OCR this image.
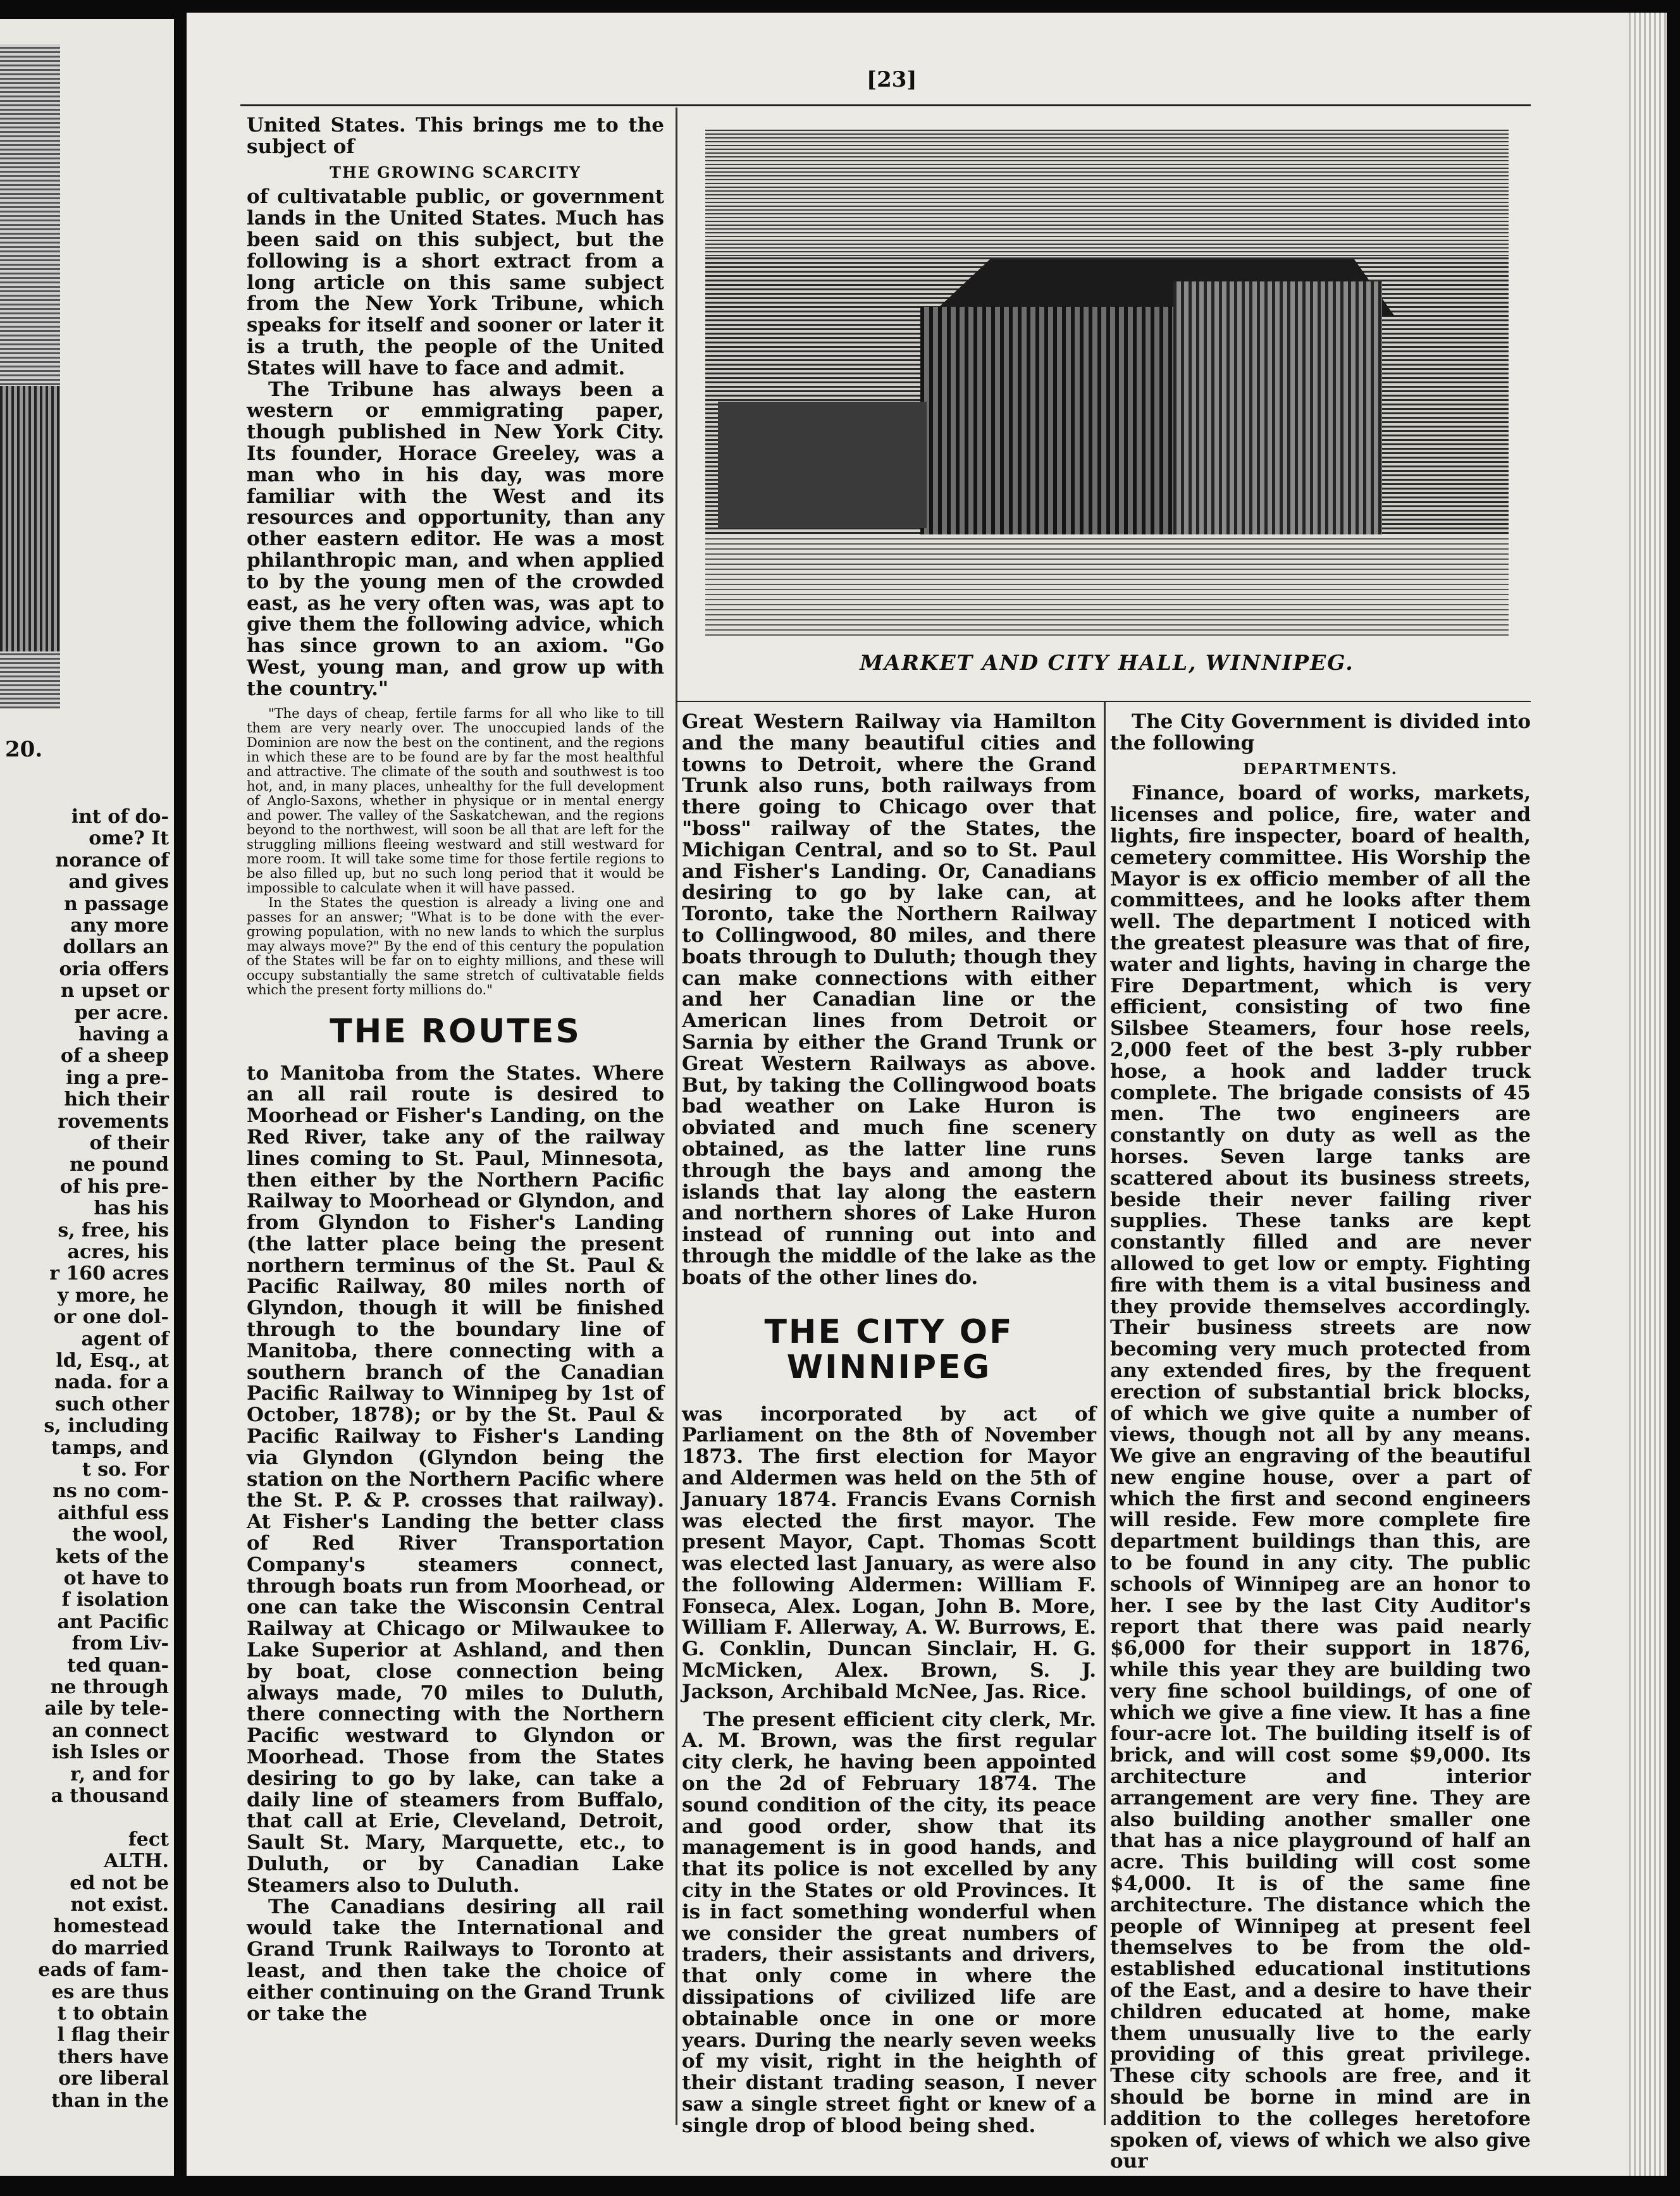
20.
int of do-
ome? It
norance of
and gives
n passage
any more
dollars an
oria offers
n upset or
per acre.
having a
of a sheep
ing a pre-
hich their
rovements
of their
ne pound
of his pre-
has his
s, free, his
acres, his
r 160 acres
y more, he
or one dol-
agent of
ld, Esq., at
nada. for a
such other
s, including
tamps, and
t so. For
ns no com-
aithful ess
the wool,
kets of the
ot have to
f isolation
ant Pacific
from Liv-
ted quan-
ne through
aile by tele-
an connect
ish Isles or
r, and for
a thousand
fect
ALTH.
ed not be
not exist.
homestead
do married
eads of fam-
es are thus
t to obtain
l flag their
thers have
ore liberal
than in the
[23]

United States. This brings me to the subject of

THE GROWING SCARCITY

of cultivatable public, or government lands in the United States. Much has been said on this subject, but the following is a short extract from a long article on this same subject from the New York Tribune, which speaks for itself and sooner or later it is a truth, the people of the United States will have to face and admit.

The Tribune has always been a western or emmigrating paper, though published in New York City. Its founder, Horace Greeley, was a man who in his day, was more familiar with the West and its resources and opportunity, than any other eastern editor. He was a most philanthropic man, and when applied to by the young men of the crowded east, as he very often was, was apt to give them the following advice, which has since grown to an axiom. "Go West, young man, and grow up with the country."

"The days of cheap, fertile farms for all who like to till them are very nearly over. The unoccupied lands of the Dominion are now the best on the continent, and the regions in which these are to be found are by far the most healthful and attractive. The climate of the south and southwest is too hot, and, in many places, unhealthy for the full development of Anglo-Saxons, whether in physique or in mental energy and power. The valley of the Saskatchewan, and the regions beyond to the northwest, will soon be all that are left for the struggling millions fleeing westward and still westward for more room. It will take some time for those fertile regions to be also filled up, but no such long period that it would be impossible to calculate when it will have passed.

In the States the question is already a living one and passes for an answer; "What is to be done with the ever-growing population, with no new lands to which the surplus may always move?" By the end of this century the population of the States will be far on to eighty millions, and these will occupy substantially the same stretch of cultivatable fields which the present forty millions do."

THE ROUTES

to Manitoba from the States. Where an all rail route is desired to Moorhead or Fisher's Landing, on the Red River, take any of the railway lines coming to St. Paul, Minnesota, then either by the Northern Pacific Railway to Moorhead or Glyndon, and from Glyndon to Fisher's Landing (the latter place being the present northern terminus of the St. Paul & Pacific Railway, 80 miles north of Glyndon, though it will be finished through to the boundary line of Manitoba, there connecting with a southern branch of the Canadian Pacific Railway to Winnipeg by 1st of October, 1878); or by the St. Paul & Pacific Railway to Fisher's Landing via Glyndon (Glyndon being the station on the Northern Pacific where the St. P. & P. crosses that railway). At Fisher's Landing the better class of Red River Transportation Company's steamers connect, through boats run from Moorhead, or one can take the Wisconsin Central Railway at Chicago or Milwaukee to Lake Superior at Ashland, and then by boat, close connection being always made, 70 miles to Duluth, there connecting with the Northern Pacific westward to Glyndon or Moorhead. Those from the States desiring to go by lake, can take a daily line of steamers from Buffalo, that call at Erie, Cleveland, Detroit, Sault St. Mary, Marquette, etc., to Duluth, or by Canadian Lake Steamers also to Duluth.

The Canadians desiring all rail would take the International and Grand Trunk Railways to Toronto at least, and then take the choice of either continuing on the Grand Trunk or take the

MARKET AND CITY HALL, WINNIPEG.

Great Western Railway via Hamilton and the many beautiful cities and towns to Detroit, where the Grand Trunk also runs, both railways from there going to Chicago over that "boss" railway of the States, the Michigan Central, and so to St. Paul and Fisher's Landing. Or, Canadians desiring to go by lake can, at Toronto, take the Northern Railway to Collingwood, 80 miles, and there boats through to Duluth; though they can make connections with either and her Canadian line or the American lines from Detroit or Sarnia by either the Grand Trunk or Great Western Railways as above. But, by taking the Collingwood boats bad weather on Lake Huron is obviated and much fine scenery obtained, as the latter line runs through the bays and among the islands that lay along the eastern and northern shores of Lake Huron instead of running out into and through the middle of the lake as the boats of the other lines do.

THE CITY OF WINNIPEG

was incorporated by act of Parliament on the 8th of November 1873. The first election for Mayor and Aldermen was held on the 5th of January 1874. Francis Evans Cornish was elected the first mayor. The present Mayor, Capt. Thomas Scott was elected last January, as were also the following Aldermen: William F. Fonseca, Alex. Logan, John B. More, William F. Allerway, A. W. Burrows, E. G. Conklin, Duncan Sinclair, H. G. McMicken, Alex. Brown, S. J. Jackson, Archibald McNee, Jas. Rice.

The present efficient city clerk, Mr. A. M. Brown, was the first regular city clerk, he having been appointed on the 2d of February 1874. The sound condition of the city, its peace and good order, show that its management is in good hands, and that its police is not excelled by any city in the States or old Provinces. It is in fact something wonderful when we consider the great numbers of traders, their assistants and drivers, that only come in where the dissipations of civilized life are obtainable once in one or more years. During the nearly seven weeks of my visit, right in the heighth of their distant trading season, I never saw a single street fight or knew of a single drop of blood being shed.

The City Government is divided into the following

DEPARTMENTS.

Finance, board of works, markets, licenses and police, fire, water and lights, fire inspecter, board of health, cemetery committee. His Worship the Mayor is ex officio member of all the committees, and he looks after them well. The department I noticed with the greatest pleasure was that of fire, water and lights, having in charge the Fire Department, which is very efficient, consisting of two fine Silsbee Steamers, four hose reels, 2,000 feet of the best 3-ply rubber hose, a hook and ladder truck complete. The brigade consists of 45 men. The two engineers are constantly on duty as well as the horses. Seven large tanks are scattered about its business streets, beside their never failing river supplies. These tanks are kept constantly filled and are never allowed to get low or empty. Fighting fire with them is a vital business and they provide themselves accordingly. Their business streets are now becoming very much protected from any extended fires, by the frequent erection of substantial brick blocks, of which we give quite a number of views, though not all by any means. We give an engraving of the beautiful new engine house, over a part of which the first and second engineers will reside. Few more complete fire department buildings than this, are to be found in any city. The public schools of Winnipeg are an honor to her. I see by the last City Auditor's report that there was paid nearly $6,000 for their support in 1876, while this year they are building two very fine school buildings, of one of which we give a fine view. It has a fine four-acre lot. The building itself is of brick, and will cost some $9,000. Its architecture and interior arrangement are very fine. They are also building another smaller one that has a nice playground of half an acre. This building will cost some $4,000. It is of the same fine architecture. The distance which the people of Winnipeg at present feel themselves to be from the old-established educational institutions of the East, and a desire to have their children educated at home, make them unusually live to the early providing of this great privilege. These city schools are free, and it should be borne in mind are in addition to the colleges heretofore spoken of, views of which we also give our
